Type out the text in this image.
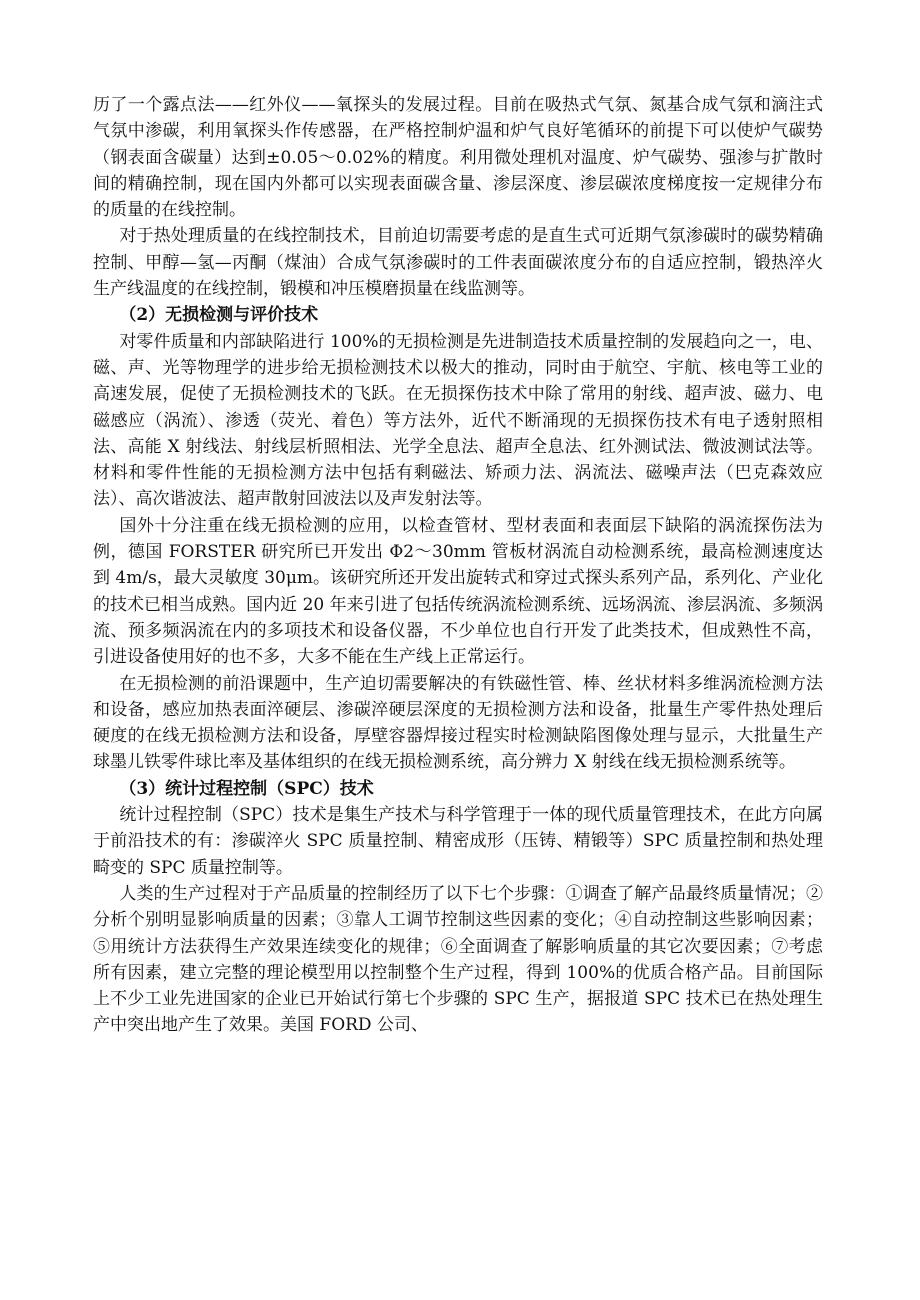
历了一个露点法——红外仪——氧探头的发展过程。目前在吸热式气氛、氮基合成气氛和滴注式气氛中渗碳，利用氧探头作传感器，在严格控制炉温和炉气良好笔循环的前提下可以使炉气碳势（钢表面含碳量）达到±0.05～0.02%的精度。利用微处理机对温度、炉气碳势、强渗与扩散时间的精确控制，现在国内外都可以实现表面碳含量、渗层深度、渗层碳浓度梯度按一定规律分布的质量的在线控制。

对于热处理质量的在线控制技术，目前迫切需要考虑的是直生式可近期气氛渗碳时的碳势精确控制、甲醇—氢—丙酮（煤油）合成气氛渗碳时的工件表面碳浓度分布的自适应控制，锻热淬火生产线温度的在线控制，锻模和冲压模磨损量在线监测等。

（2）无损检测与评价技术

对零件质量和内部缺陷进行 100%的无损检测是先进制造技术质量控制的发展趋向之一，电、磁、声、光等物理学的进步给无损检测技术以极大的推动，同时由于航空、宇航、核电等工业的高速发展，促使了无损检测技术的飞跃。在无损探伤技术中除了常用的射线、超声波、磁力、电磁感应（涡流）、渗透（荧光、着色）等方法外，近代不断涌现的无损探伤技术有电子透射照相法、高能 X 射线法、射线层析照相法、光学全息法、超声全息法、红外测试法、微波测试法等。材料和零件性能的无损检测方法中包括有剩磁法、矫顽力法、涡流法、磁噪声法（巴克森效应法）、高次谐波法、超声散射回波法以及声发射法等。

国外十分注重在线无损检测的应用，以检查管材、型材表面和表面层下缺陷的涡流探伤法为例，德国 FORSTER 研究所已开发出 Φ2～30mm 管板材涡流自动检测系统，最高检测速度达到 4m/s，最大灵敏度 30μm。该研究所还开发出旋转式和穿过式探头系列产品，系列化、产业化的技术已相当成熟。国内近 20 年来引进了包括传统涡流检测系统、远场涡流、渗层涡流、多频涡流、预多频涡流在内的多项技术和设备仪器，不少单位也自行开发了此类技术，但成熟性不高，引进设备使用好的也不多，大多不能在生产线上正常运行。

在无损检测的前沿课题中，生产迫切需要解决的有铁磁性管、棒、丝状材料多维涡流检测方法和设备，感应加热表面淬硬层、渗碳淬硬层深度的无损检测方法和设备，批量生产零件热处理后硬度的在线无损检测方法和设备，厚壁容器焊接过程实时检测缺陷图像处理与显示，大批量生产球墨儿铁零件球比率及基体组织的在线无损检测系统，高分辨力 X 射线在线无损检测系统等。

（3）统计过程控制（SPC）技术

统计过程控制（SPC）技术是集生产技术与科学管理于一体的现代质量管理技术，在此方向属于前沿技术的有：渗碳淬火 SPC 质量控制、精密成形（压铸、精锻等）SPC 质量控制和热处理畸变的 SPC 质量控制等。

人类的生产过程对于产品质量的控制经历了以下七个步骤：①调查了解产品最终质量情况；②分析个别明显影响质量的因素；③靠人工调节控制这些因素的变化；④自动控制这些影响因素；⑤用统计方法获得生产效果连续变化的规律；⑥全面调查了解影响质量的其它次要因素；⑦考虑所有因素，建立完整的理论模型用以控制整个生产过程，得到 100%的优质合格产品。目前国际上不少工业先进国家的企业已开始试行第七个步骤的 SPC 生产，据报道 SPC 技术已在热处理生产中突出地产生了效果。美国 FORD 公司、
